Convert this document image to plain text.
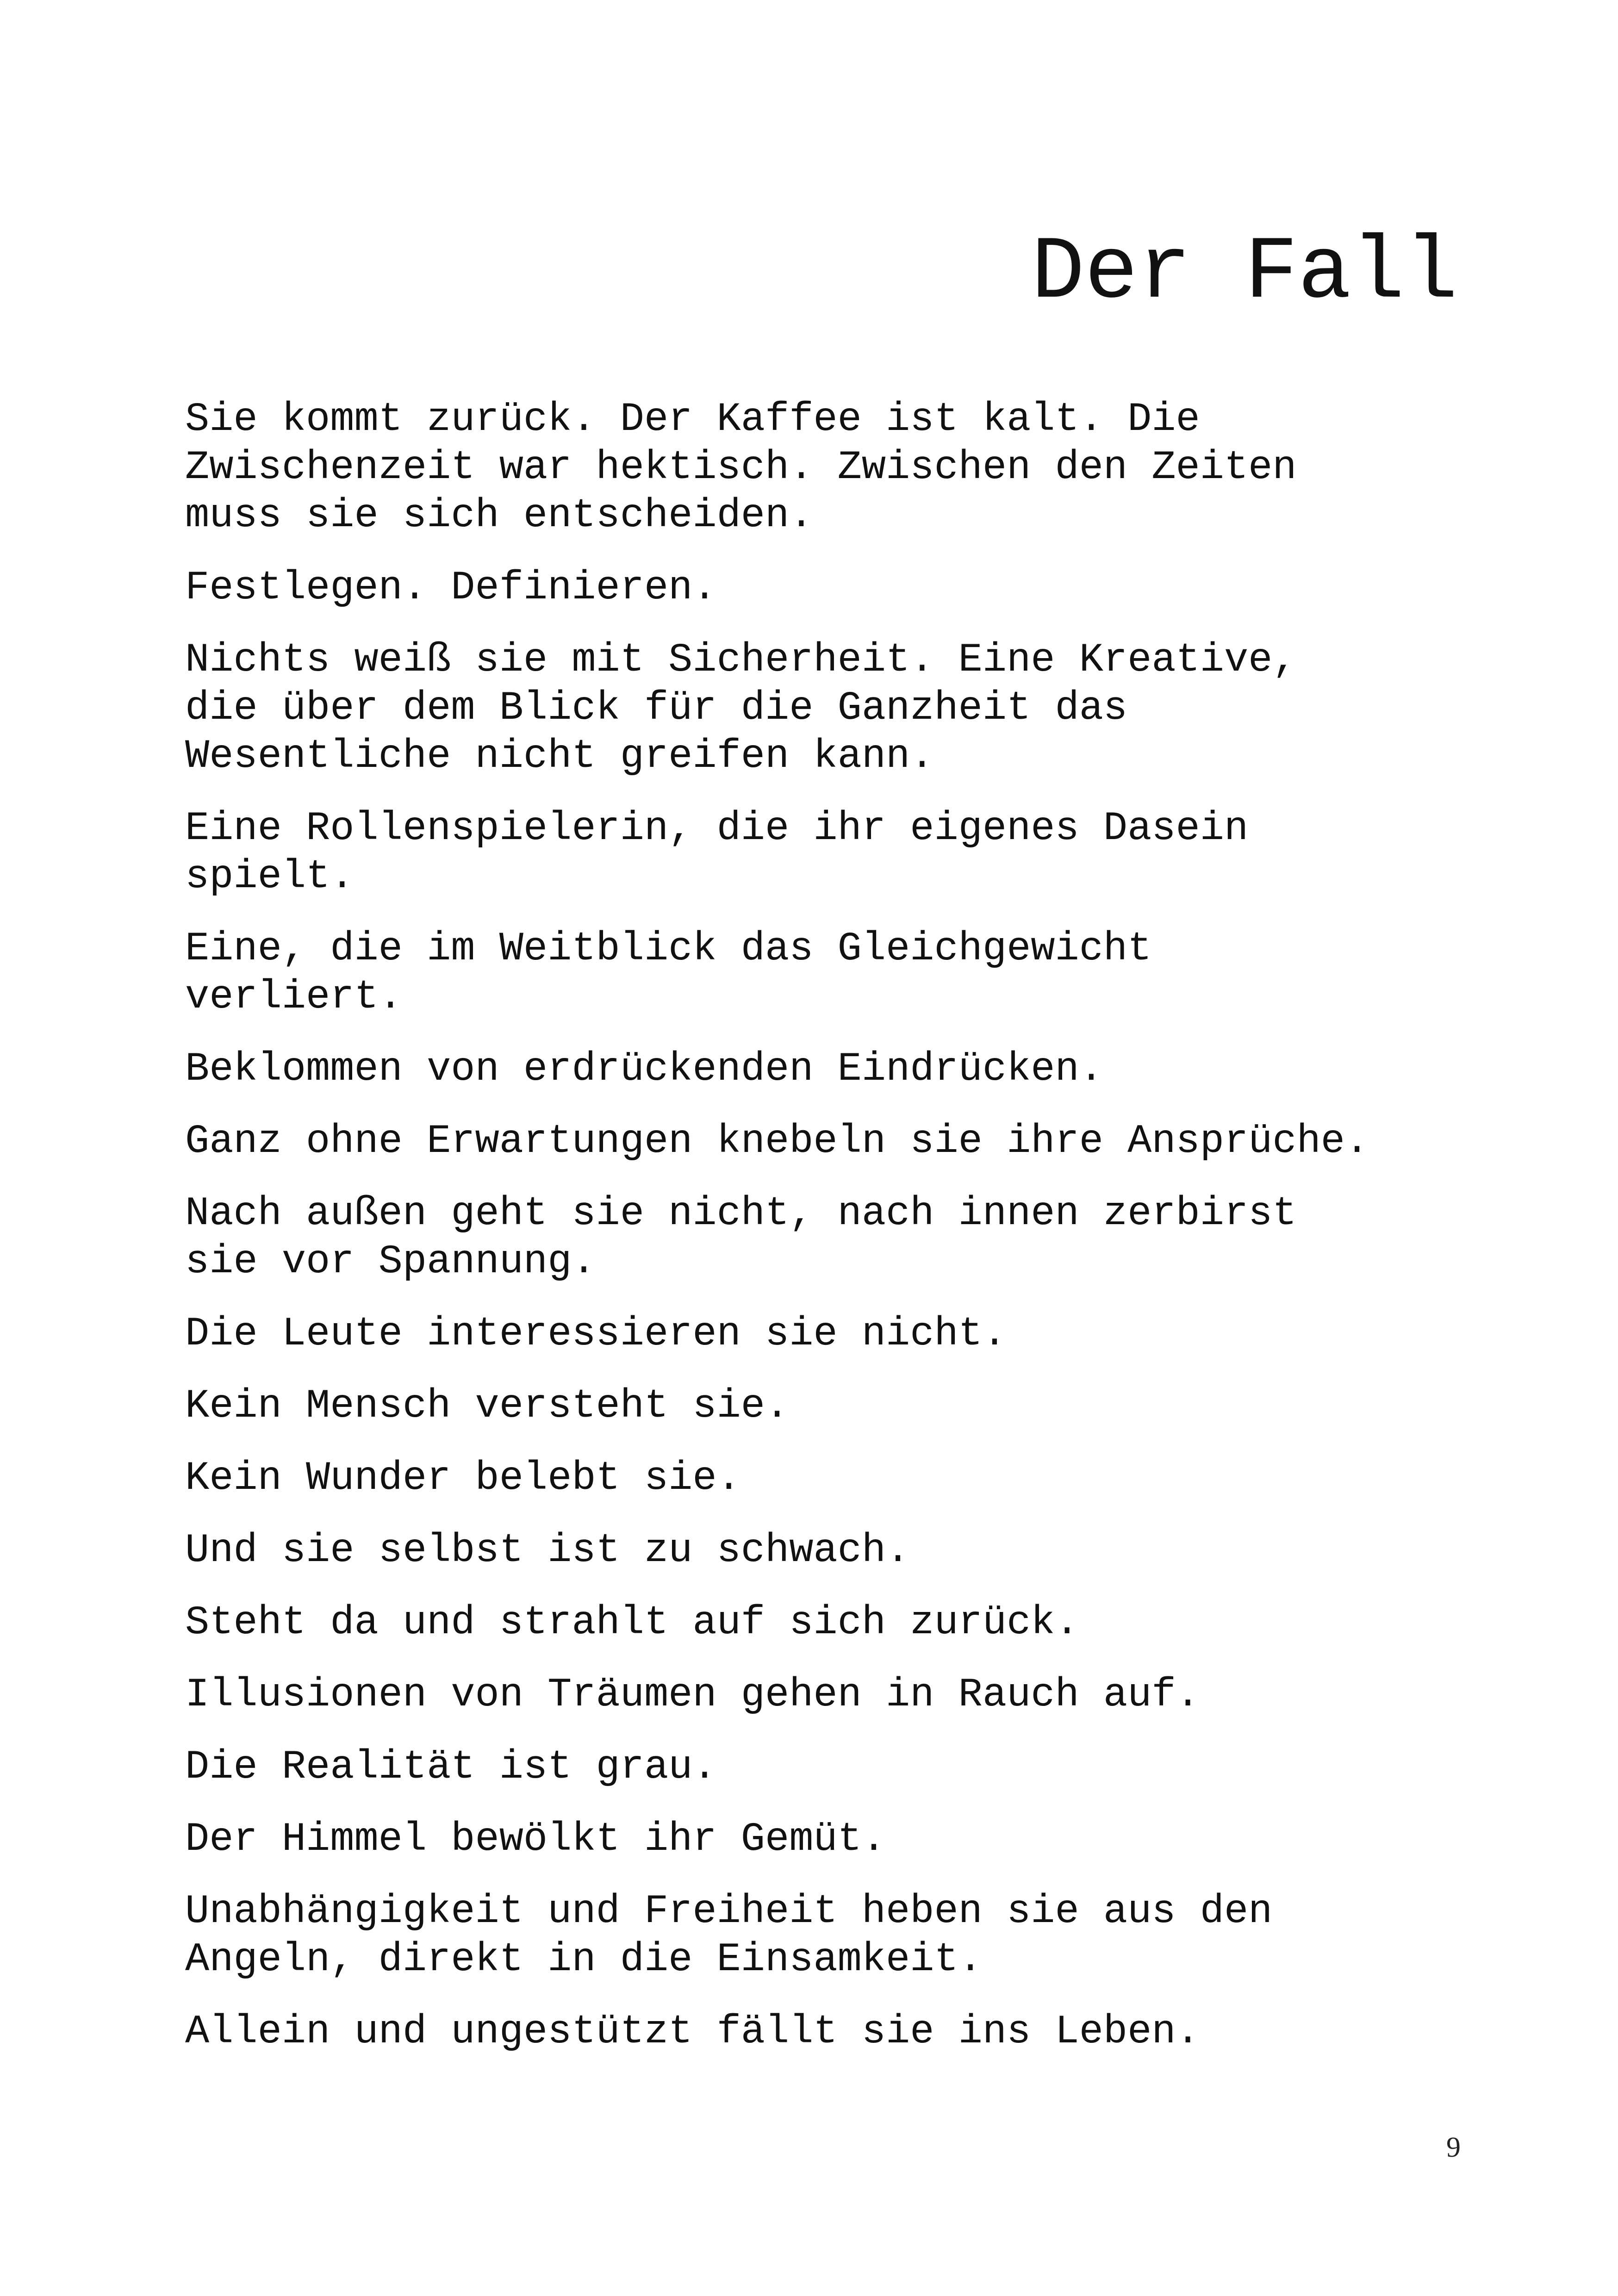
Der Fall

Sie kommt zurück. Der Kaffee ist kalt. Die
Zwischenzeit war hektisch. Zwischen den Zeiten
muss sie sich entscheiden.

Festlegen. Definieren.

Nichts weiß sie mit Sicherheit. Eine Kreative,
die über dem Blick für die Ganzheit das
Wesentliche nicht greifen kann.

Eine Rollenspielerin, die ihr eigenes Dasein
spielt.

Eine, die im Weitblick das Gleichgewicht
verliert.

Beklommen von erdrückenden Eindrücken.

Ganz ohne Erwartungen knebeln sie ihre Ansprüche.

Nach außen geht sie nicht, nach innen zerbirst
sie vor Spannung.

Die Leute interessieren sie nicht.

Kein Mensch versteht sie.

Kein Wunder belebt sie.

Und sie selbst ist zu schwach.

Steht da und strahlt auf sich zurück.

Illusionen von Träumen gehen in Rauch auf.

Die Realität ist grau.

Der Himmel bewölkt ihr Gemüt.

Unabhängigkeit und Freiheit heben sie aus den
Angeln, direkt in die Einsamkeit.

Allein und ungestützt fällt sie ins Leben.

9
